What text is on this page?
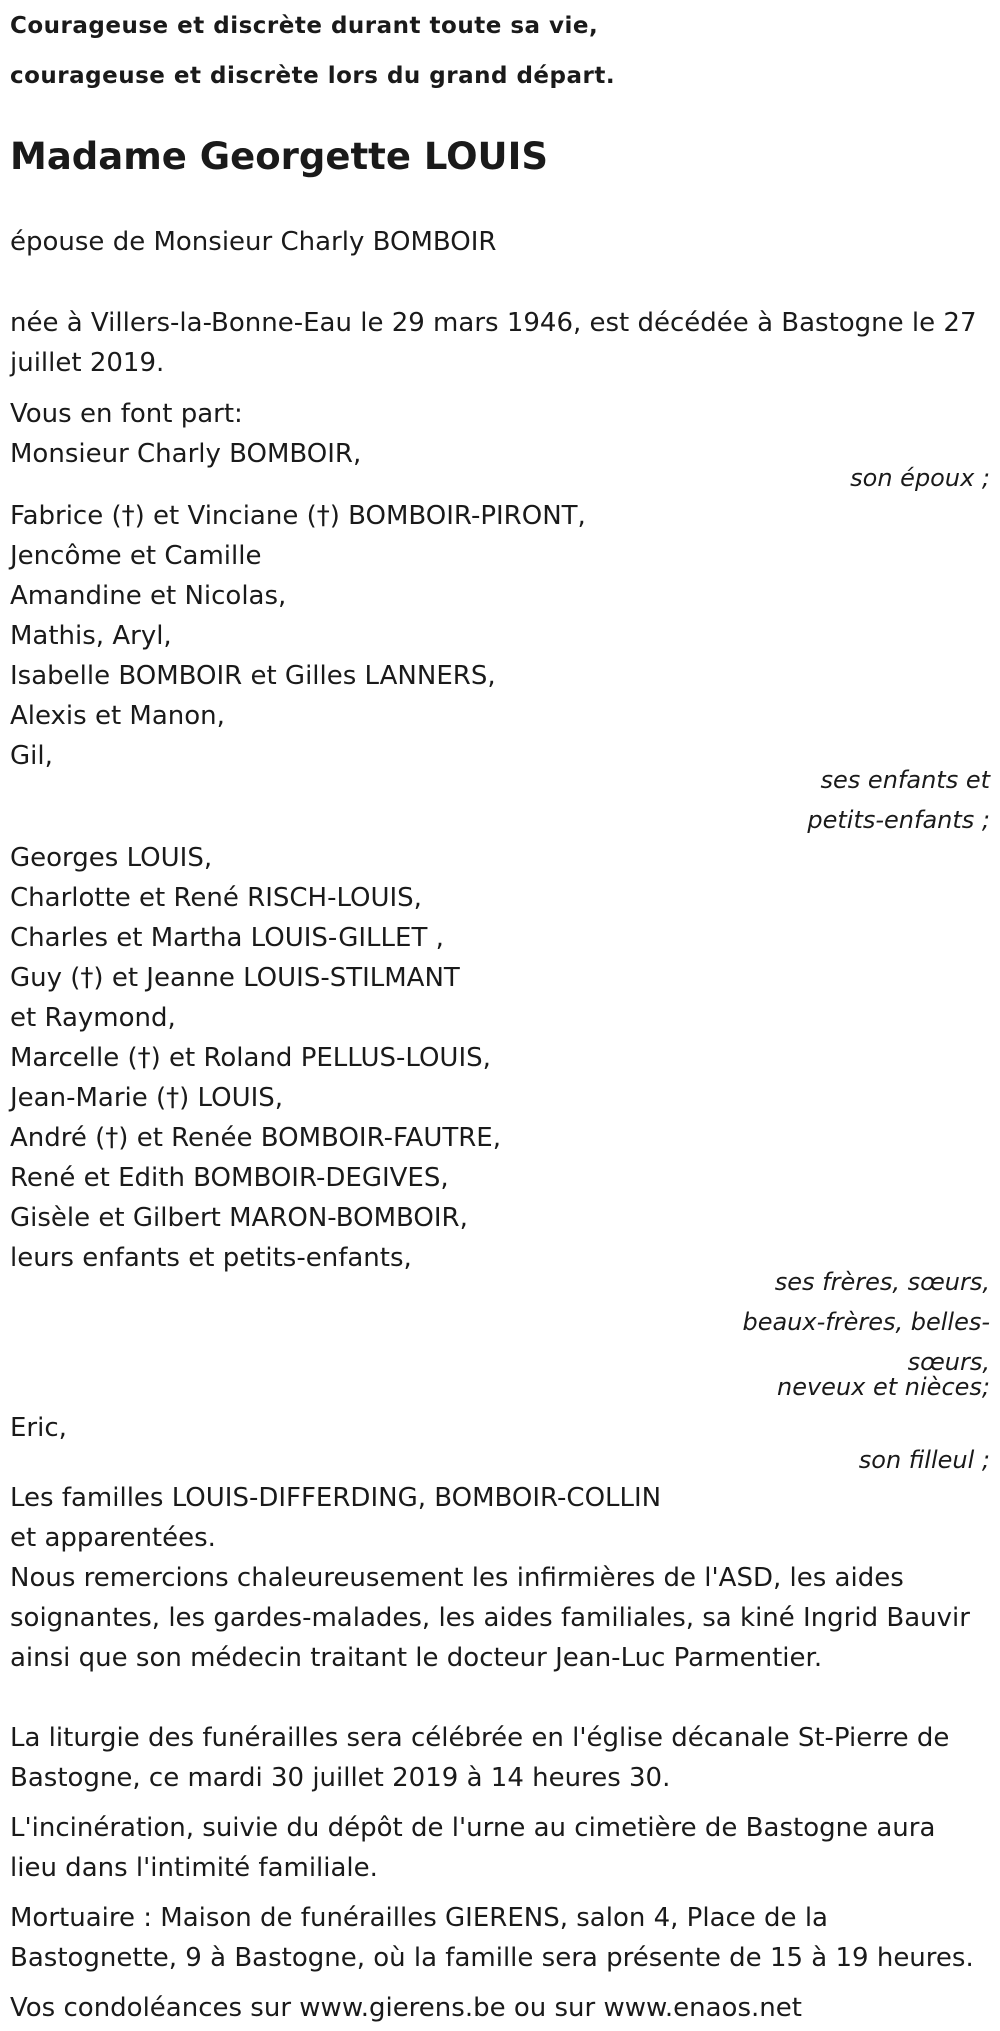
Courageuse et discrète durant toute sa vie,
courageuse et discrète lors du grand départ.
Madame Georgette LOUIS
épouse de Monsieur Charly BOMBOIR
née à Villers-la-Bonne-Eau le 29 mars 1946, est décédée à Bastogne le 27
juillet 2019.
Vous en font part:
Monsieur Charly BOMBOIR,
son époux ;
Fabrice (†) et Vinciane (†) BOMBOIR-PIRONT,
Jencôme et Camille
Amandine et Nicolas,
Mathis, Aryl,
Isabelle BOMBOIR et Gilles LANNERS,
Alexis et Manon,
Gil,
ses enfants et
petits-enfants ;
Georges LOUIS,
Charlotte et René RISCH-LOUIS,
Charles et Martha LOUIS-GILLET ,
Guy (†) et Jeanne LOUIS-STILMANT
et Raymond,
Marcelle (†) et Roland PELLUS-LOUIS,
Jean-Marie (†) LOUIS,
André (†) et Renée BOMBOIR-FAUTRE,
René et Edith BOMBOIR-DEGIVES,
Gisèle et Gilbert MARON-BOMBOIR,
leurs enfants et petits-enfants,
ses frères, sœurs,
beaux-frères, belles-
sœurs,
neveux et nièces;
Eric,
son filleul ;
Les familles LOUIS-DIFFERDING, BOMBOIR-COLLIN
et apparentées.
Nous remercions chaleureusement les infirmières de l'ASD, les aides
soignantes, les gardes-malades, les aides familiales, sa kiné Ingrid Bauvir
ainsi que son médecin traitant le docteur Jean-Luc Parmentier.
La liturgie des funérailles sera célébrée en l'église décanale St-Pierre de
Bastogne, ce mardi 30 juillet 2019 à 14 heures 30.
L'incinération, suivie du dépôt de l'urne au cimetière de Bastogne aura
lieu dans l'intimité familiale.
Mortuaire : Maison de funérailles GIERENS, salon 4, Place de la
Bastognette, 9 à Bastogne, où la famille sera présente de 15 à 19 heures.
Vos condoléances sur www.gierens.be ou sur www.enaos.net
